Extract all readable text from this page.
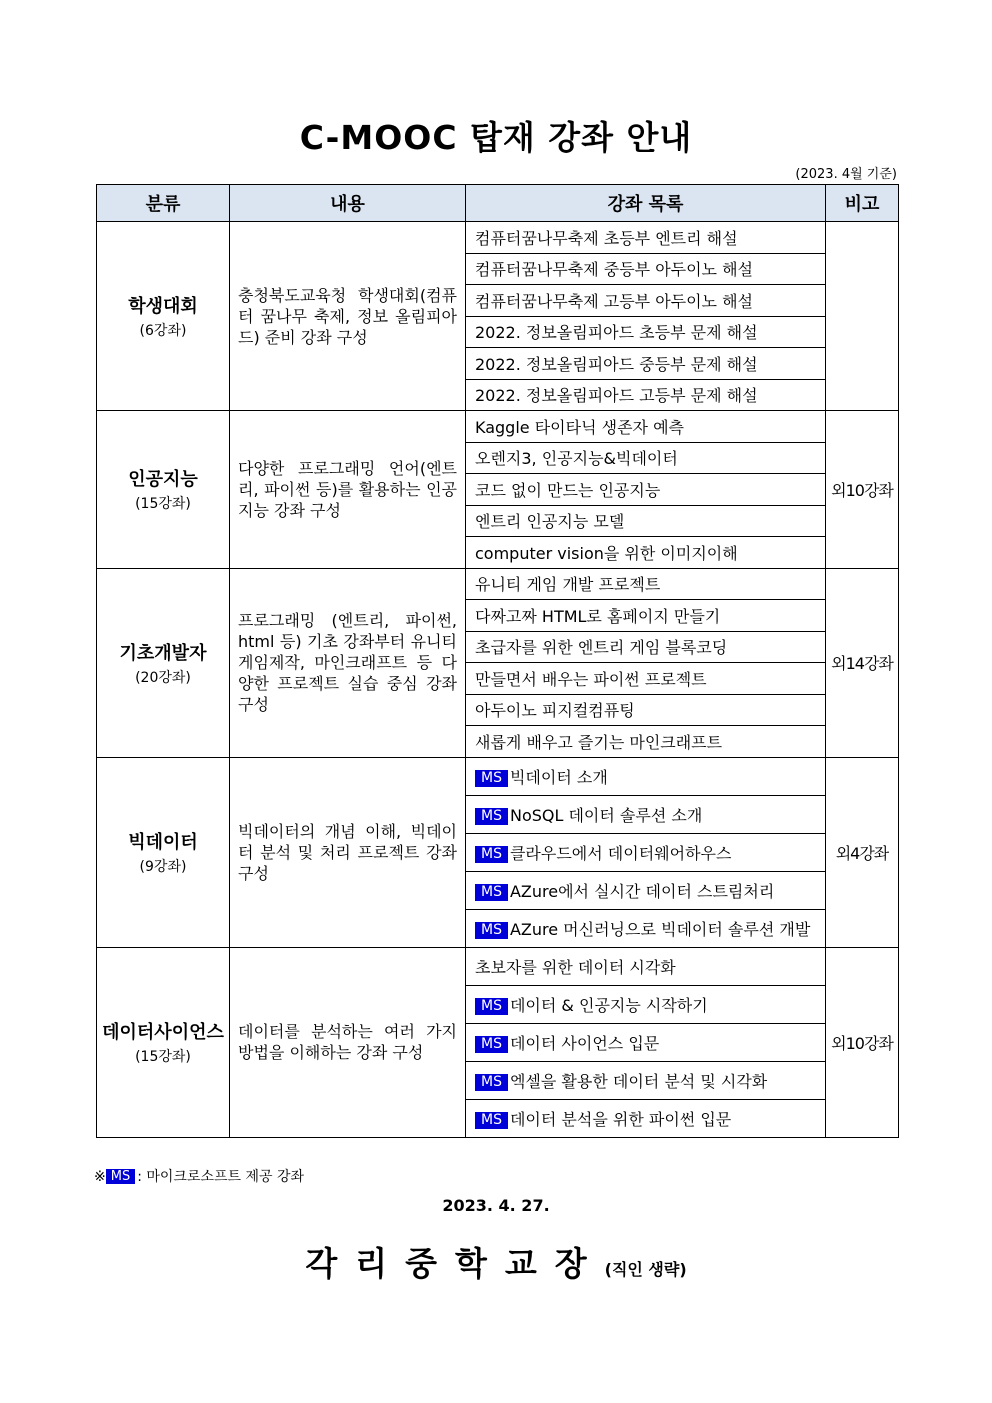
C-MOOC 탑재 강좌 안내
(2023. 4월 기준)
분류	내용	강좌 목록	비고

학생대회
(6강좌)	충청북도교육청 학생대회(컴퓨터 꿈나무 축제, 정보 올림피아드) 준비 강좌 구성	컴퓨터꿈나무축제 초등부 엔트리 해설	
		컴퓨터꿈나무축제 중등부 아두이노 해설	
		컴퓨터꿈나무축제 고등부 아두이노 해설	
		2022. 정보올림피아드 초등부 문제 해설	
		2022. 정보올림피아드 중등부 문제 해설	
		2022. 정보올림피아드 고등부 문제 해설	

인공지능
(15강좌)	다양한 프로그래밍 언어(엔트리, 파이썬 등)를 활용하는 인공지능 강좌 구성	Kaggle 타이타닉 생존자 예측	외10강좌
		오렌지3, 인공지능&빅데이터	
		코드 없이 만드는 인공지능	
		엔트리 인공지능 모델	
		computer vision을 위한 이미지이해	

기초개발자
(20강좌)	프로그래밍 (엔트리, 파이썬, html 등) 기초 강좌부터 유니티 게임제작, 마인크래프트 등 다양한 프로젝트 실습 중심 강좌 구성	유니티 게임 개발 프로젝트	외14강좌
		다짜고짜 HTML로 홈페이지 만들기	
		초급자를 위한 엔트리 게임 블록코딩	
		만들면서 배우는 파이썬 프로젝트	
		아두이노 피지컬컴퓨팅	
		새롭게 배우고 즐기는 마인크래프트	

빅데이터
(9강좌)	빅데이터의 개념 이해, 빅데이터 분석 및 처리 프로젝트 강좌 구성	MS 빅데이터 소개	외4강좌
		MS NoSQL 데이터 솔루션 소개	
		MS 클라우드에서 데이터웨어하우스	
		MS AZure에서 실시간 데이터 스트림처리	
		MS AZure 머신러닝으로 빅데이터 솔루션 개발	

데이터사이언스
(15강좌)	데이터를 분석하는 여러 가지 방법을 이해하는 강좌 구성	초보자를 위한 데이터 시각화	외10강좌
		MS 데이터 & 인공지능 시작하기	
		MS 데이터 사이언스 입문	
		MS 엑셀을 활용한 데이터 분석 및 시각화	
		MS 데이터 분석을 위한 파이썬 입문	
※ MS : 마이크로소프트 제공 강좌
2023. 4. 27.
각리중학교장(직인 생략)
